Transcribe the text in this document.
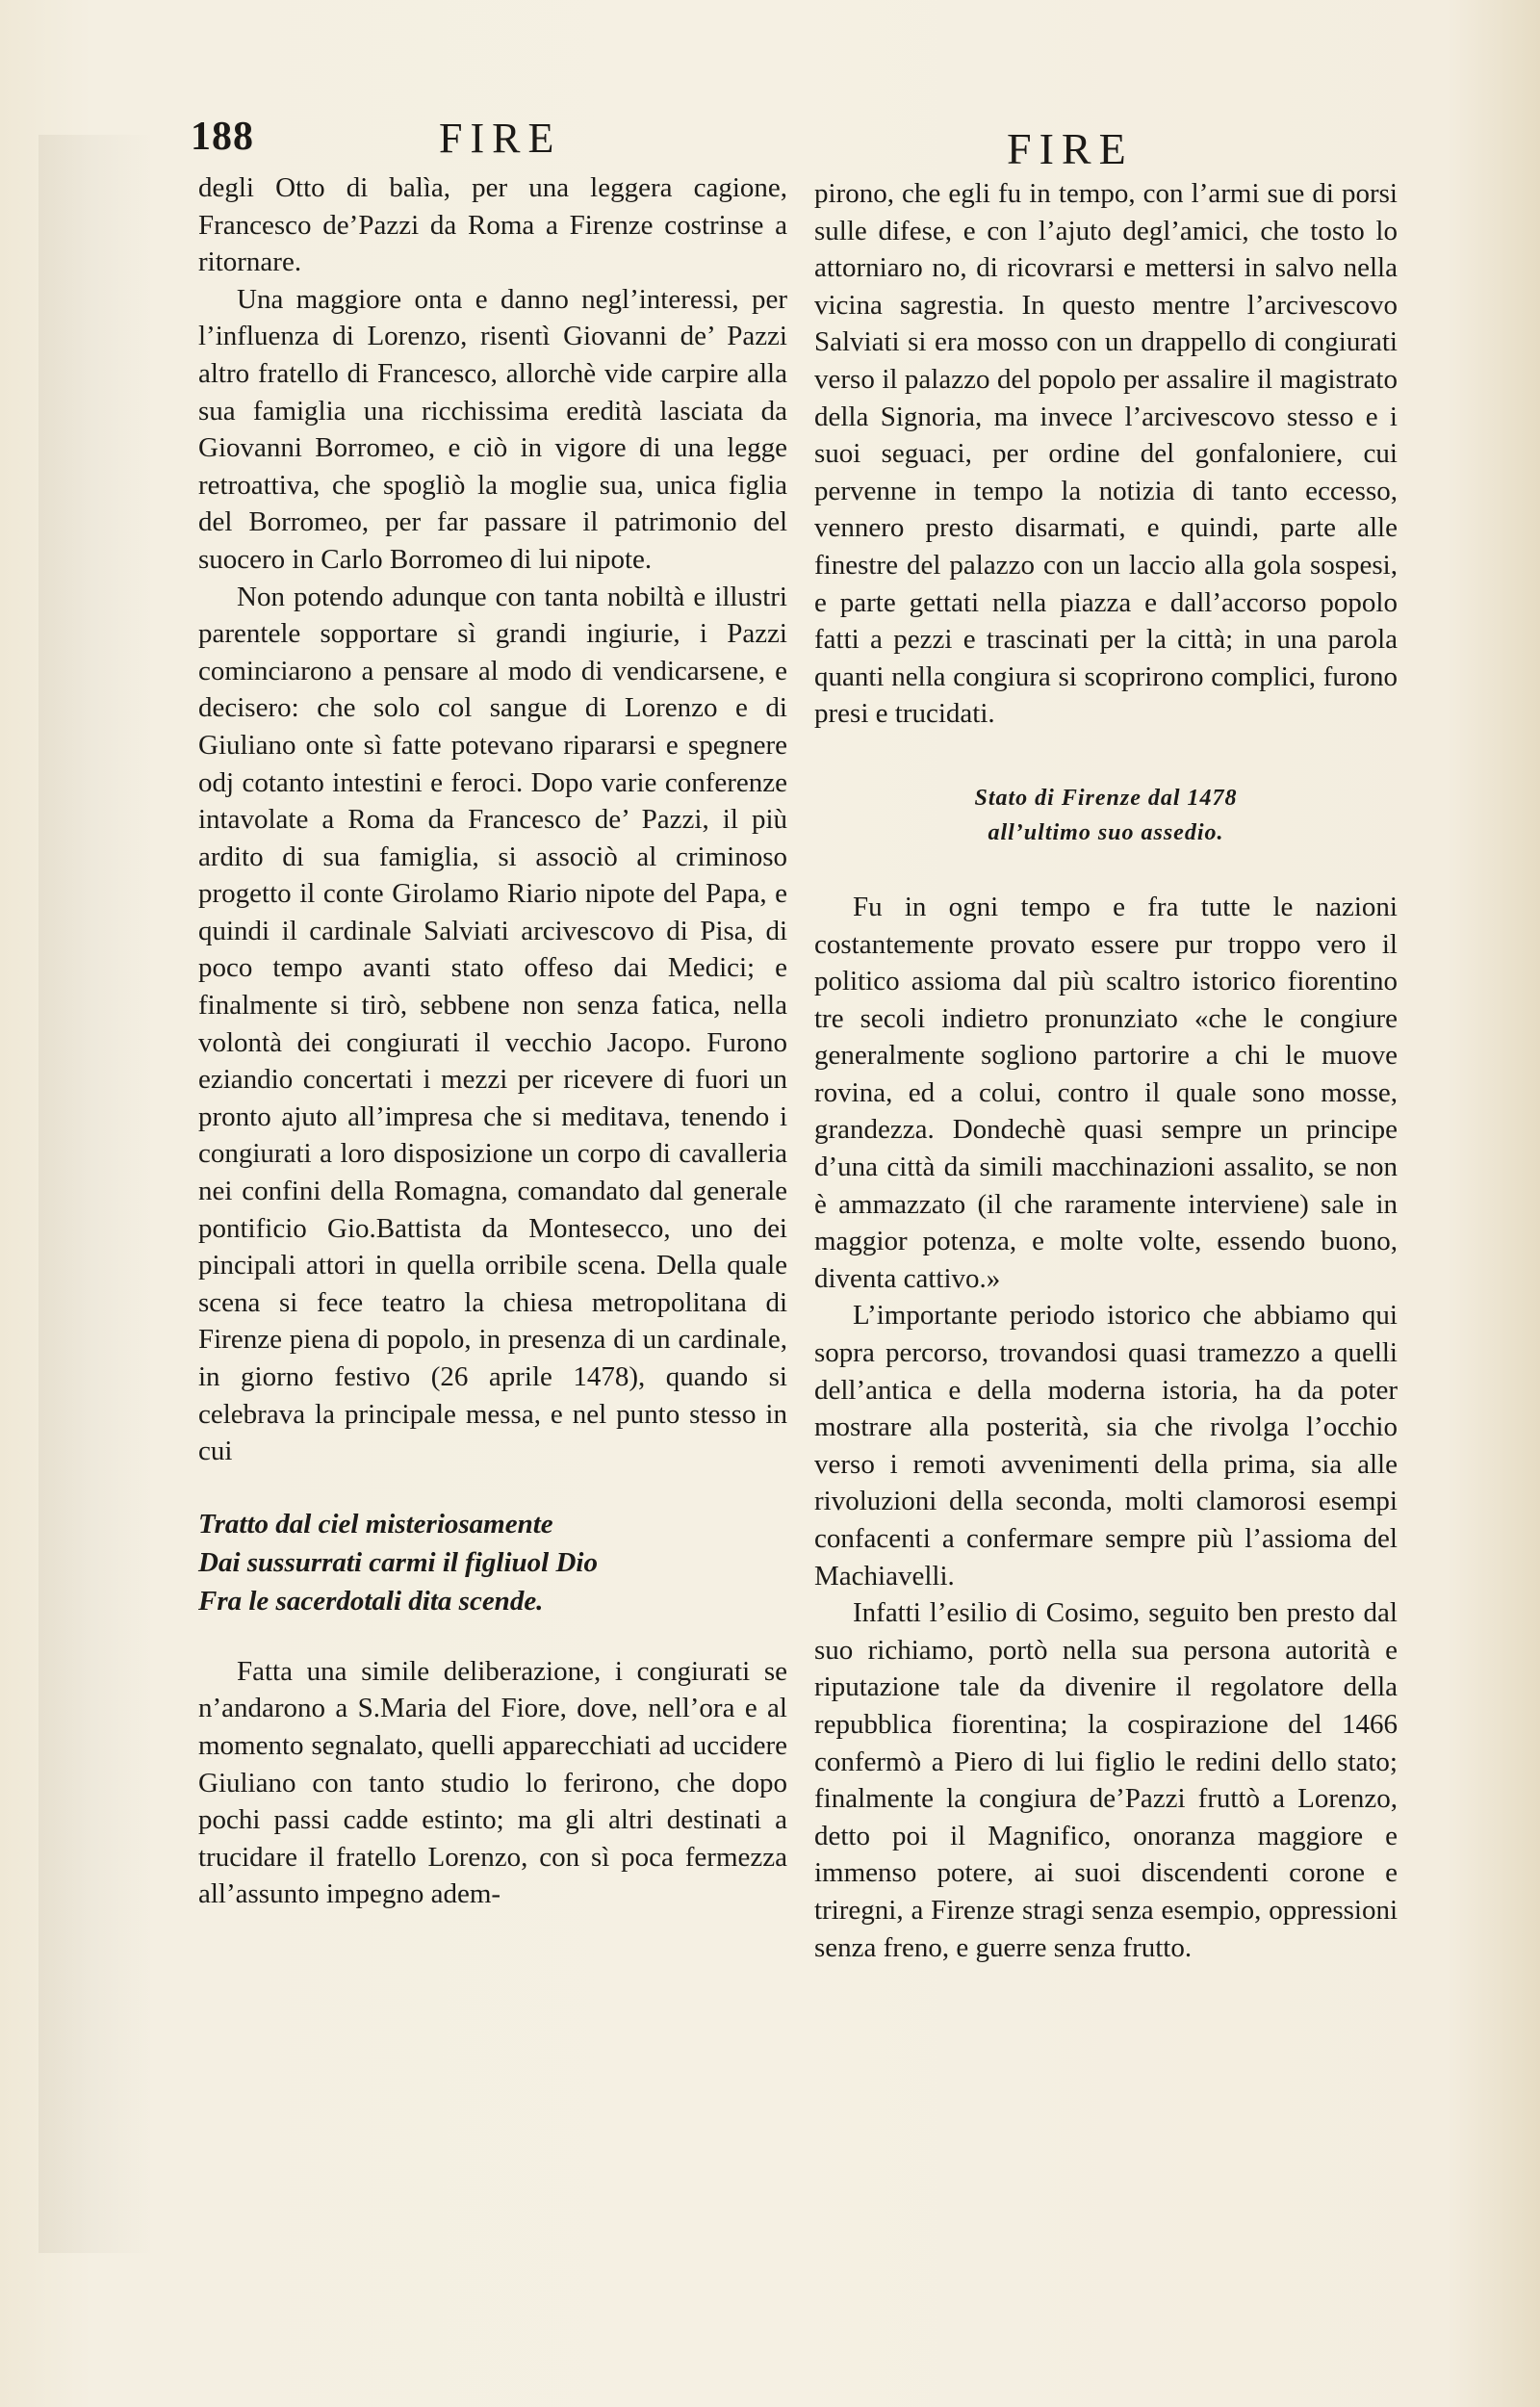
188	FIRE	FIRE

degli Otto di balìa, per una leggera cagione, Francesco de’Pazzi da Roma a Firenze costrinse a ritornare.

Una maggiore onta e danno negl’interessi, per l’influenza di Lorenzo, risentì Giovanni de’ Pazzi altro fratello di Francesco, allorchè vide carpire alla sua famiglia una ricchissima eredità lasciata da Giovanni Borromeo, e ciò in vigore di una legge retroattiva, che spogliò la moglie sua, unica figlia del Borromeo, per far passare il patrimonio del suocero in Carlo Borromeo di lui nipote.

Non potendo adunque con tanta nobiltà e illustri parentele sopportare sì grandi ingiurie, i Pazzi cominciarono a pensare al modo di vendicarsene, e decisero: che solo col sangue di Lorenzo e di Giuliano onte sì fatte potevano ripararsi e spegnere odj cotanto intestini e feroci. Dopo varie conferenze intavolate a Roma da Francesco de’ Pazzi, il più ardito di sua famiglia, si associò al criminoso progetto il conte Girolamo Riario nipote del Papa, e quindi il cardinale Salviati arcivescovo di Pisa, di poco tempo avanti stato offeso dai Medici; e finalmente si tirò, sebbene non senza fatica, nella volontà dei congiurati il vecchio Jacopo. Furono eziandio concertati i mezzi per ricevere di fuori un pronto ajuto all’impresa che si meditava, tenendo i congiurati a loro disposizione un corpo di cavalleria nei confini della Romagna, comandato dal generale pontificio Gio.Battista da Montesecco, uno dei pincipali attori in quella orribile scena. Della quale scena si fece teatro la chiesa metropolitana di Firenze piena di popolo, in presenza di un cardinale, in giorno festivo (26 aprile 1478), quando si celebrava la principale messa, e nel punto stesso in cui

Tratto dal ciel misteriosamente
Dai sussurrati carmi il figliuol Dio
Fra le sacerdotali dita scende.

Fatta una simile deliberazione, i congiurati se n’andarono a S.Maria del Fiore, dove, nell’ora e al momento segnalato, quelli apparecchiati ad uccidere Giuliano con tanto studio lo ferirono, che dopo pochi passi cadde estinto; ma gli altri destinati a trucidare il fratello Lorenzo, con sì poca fermezza all’assunto impegno adem-

pirono, che egli fu in tempo, con l’armi sue di porsi sulle difese, e con l’ajuto degl’amici, che tosto lo attorniaro no, di ricovrarsi e mettersi in salvo nella vicina sagrestia. In questo mentre l’arcivescovo Salviati si era mosso con un drappello di congiurati verso il palazzo del popolo per assalire il magistrato della Signoria, ma invece l’arcivescovo stesso e i suoi seguaci, per ordine del gonfaloniere, cui pervenne in tempo la notizia di tanto eccesso, vennero presto disarmati, e quindi, parte alle finestre del palazzo con un laccio alla gola sospesi, e parte gettati nella piazza e dall’accorso popolo fatti a pezzi e trascinati per la città; in una parola quanti nella congiura si scoprirono complici, furono presi e trucidati.

Stato di Firenze dal 1478
all’ultimo suo assedio.

Fu in ogni tempo e fra tutte le nazioni costantemente provato essere pur troppo vero il politico assioma dal più scaltro istorico fiorentino tre secoli indietro pronunziato «che le congiure generalmente sogliono partorire a chi le muove rovina, ed a colui, contro il quale sono mosse, grandezza. Dondechè quasi sempre un principe d’una città da simili macchinazioni assalito, se non è ammazzato (il che raramente interviene) sale in maggior potenza, e molte volte, essendo buono, diventa cattivo.»

L’importante periodo istorico che abbiamo qui sopra percorso, trovandosi quasi tramezzo a quelli dell’antica e della moderna istoria, ha da poter mostrare alla posterità, sia che rivolga l’occhio verso i remoti avvenimenti della prima, sia alle rivoluzioni della seconda, molti clamorosi esempi confacenti a confermare sempre più l’assioma del Machiavelli.

Infatti l’esilio di Cosimo, seguito ben presto dal suo richiamo, portò nella sua persona autorità e riputazione tale da divenire il regolatore della repubblica fiorentina; la cospirazione del 1466 confermò a Piero di lui figlio le redini dello stato; finalmente la congiura de’Pazzi fruttò a Lorenzo, detto poi il Magnifico, onoranza maggiore e immenso potere, ai suoi discendenti corone e triregni, a Firenze stragi senza esempio, oppressioni senza freno, e guerre senza frutto.
